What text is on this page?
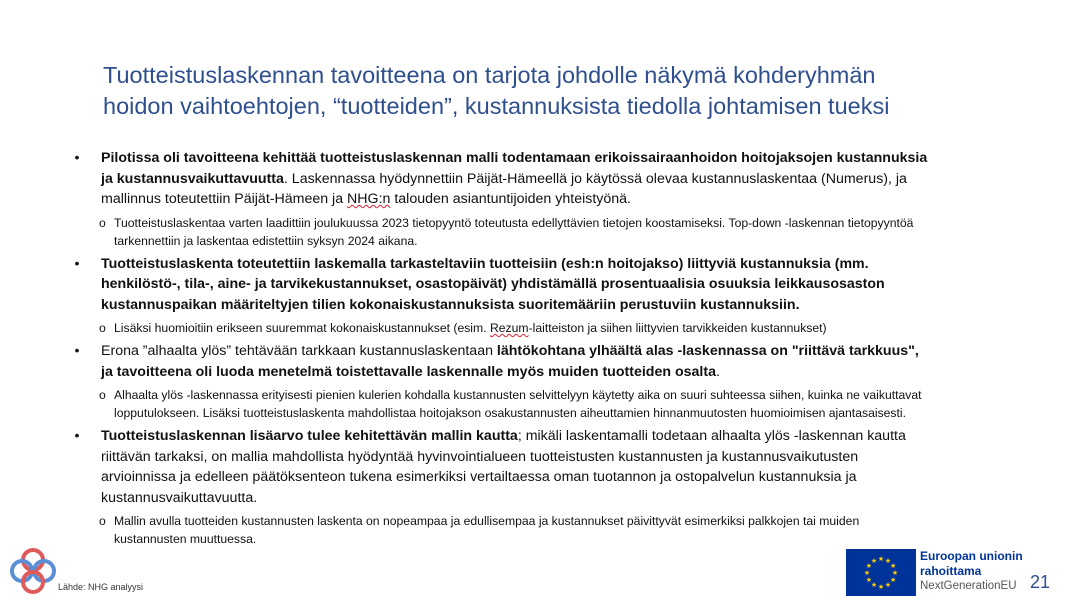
Tuotteistuslaskennan tavoitteena on tarjota johdolle näkymä kohderyhmän
hoidon vaihtoehtojen, “tuotteiden”, kustannuksista tiedolla johtamisen tueksi
• Pilotissa oli tavoitteena kehittää tuotteistuslaskennan malli todentamaan erikoissairaanhoidon hoitojaksojen kustannuksia
ja kustannusvaikuttavuutta. Laskennassa hyödynnettiin Päijät-Hämeellä jo käytössä olevaa kustannuslaskentaa (Numerus), ja
mallinnus toteutettiin Päijät-Hämeen ja NHG:n talouden asiantuntijoiden yhteistyönä.
o Tuotteistuslaskentaa varten laadittiin joulukuussa 2023 tietopyyntö toteutusta edellyttävien tietojen koostamiseksi. Top-down -laskennan tietopyyntöä
tarkennettiin ja laskentaa edistettiin syksyn 2024 aikana.
• Tuotteistuslaskenta toteutettiin laskemalla tarkasteltaviin tuotteisiin (esh:n hoitojakso) liittyviä kustannuksia (mm.
henkilöstö-, tila-, aine- ja tarvikekustannukset, osastopäivät) yhdistämällä prosentuaalisia osuuksia leikkausosaston
kustannuspaikan määriteltyjen tilien kokonaiskustannuksista suoritemääriin perustuviin kustannuksiin.
o Lisäksi huomioitiin erikseen suuremmat kokonaiskustannukset (esim. Rezum-laitteiston ja siihen liittyvien tarvikkeiden kustannukset)
• Erona ”alhaalta ylös” tehtävään tarkkaan kustannuslaskentaan lähtökohtana ylhäältä alas -laskennassa on "riittävä tarkkuus",
ja tavoitteena oli luoda menetelmä toistettavalle laskennalle myös muiden tuotteiden osalta.
o Alhaalta ylös -laskennassa erityisesti pienien kulerien kohdalla kustannusten selvittelyyn käytetty aika on suuri suhteessa siihen, kuinka ne vaikuttavat
lopputulokseen. Lisäksi tuotteistuslaskenta mahdollistaa hoitojakson osakustannusten aiheuttamien hinnanmuutosten huomioimisen ajantasaisesti.
• Tuotteistuslaskennan lisäarvo tulee kehitettävän mallin kautta; mikäli laskentamalli todetaan alhaalta ylös -laskennan kautta
riittävän tarkaksi, on mallia mahdollista hyödyntää hyvinvointialueen tuotteistusten kustannusten ja kustannusvaikutusten
arvioinnissa ja edelleen päätöksenteon tukena esimerkiksi vertailtaessa oman tuotannon ja ostopalvelun kustannuksia ja
kustannusvaikuttavuutta.
o Mallin avulla tuotteiden kustannusten laskenta on nopeampaa ja edullisempaa ja kustannukset päivittyvät esimerkiksi palkkojen tai muiden
kustannusten muuttuessa.
Lähde: NHG analyysi
★
★
★
★
★
★
★
★
★ ★ ★
★
Euroopan unionin
rahoittama
NextGenerationEU 21
